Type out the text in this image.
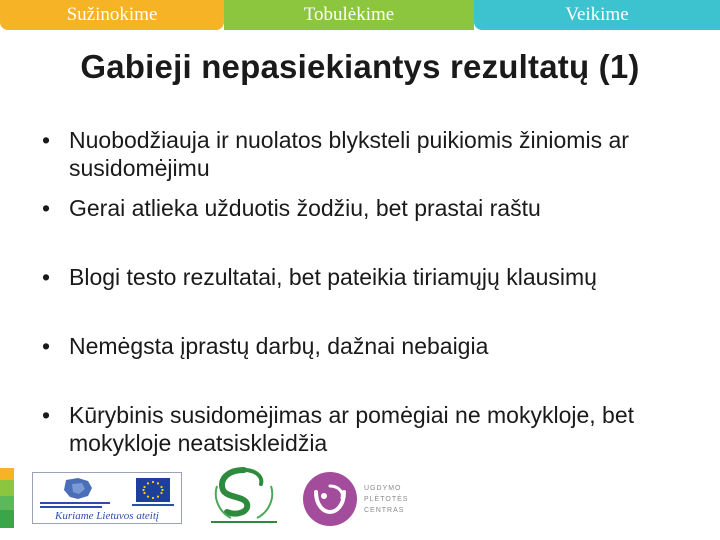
Sužinokime	Tobulėkime	Veikime
Gabieji nepasiekiantys rezultatų (1)
• Nuobodžiauja ir nuolatos blyksteli puikiomis žiniomis ar susidomėjimu
• Gerai atlieka užduotis žodžiu, bet prastai raštu
• Blogi testo rezultatai, bet pateikia tiriamųjų klausimų
• Nemėgsta įprastų darbų, dažnai nebaigia
• Kūrybinis susidomėjimas ar pomėgiai ne mokykloje, bet mokykloje neatsiskleidžia
Kuriame Lietuvos ateitį
UGDYMO
PLĖTOTĖS
CENTRAS
